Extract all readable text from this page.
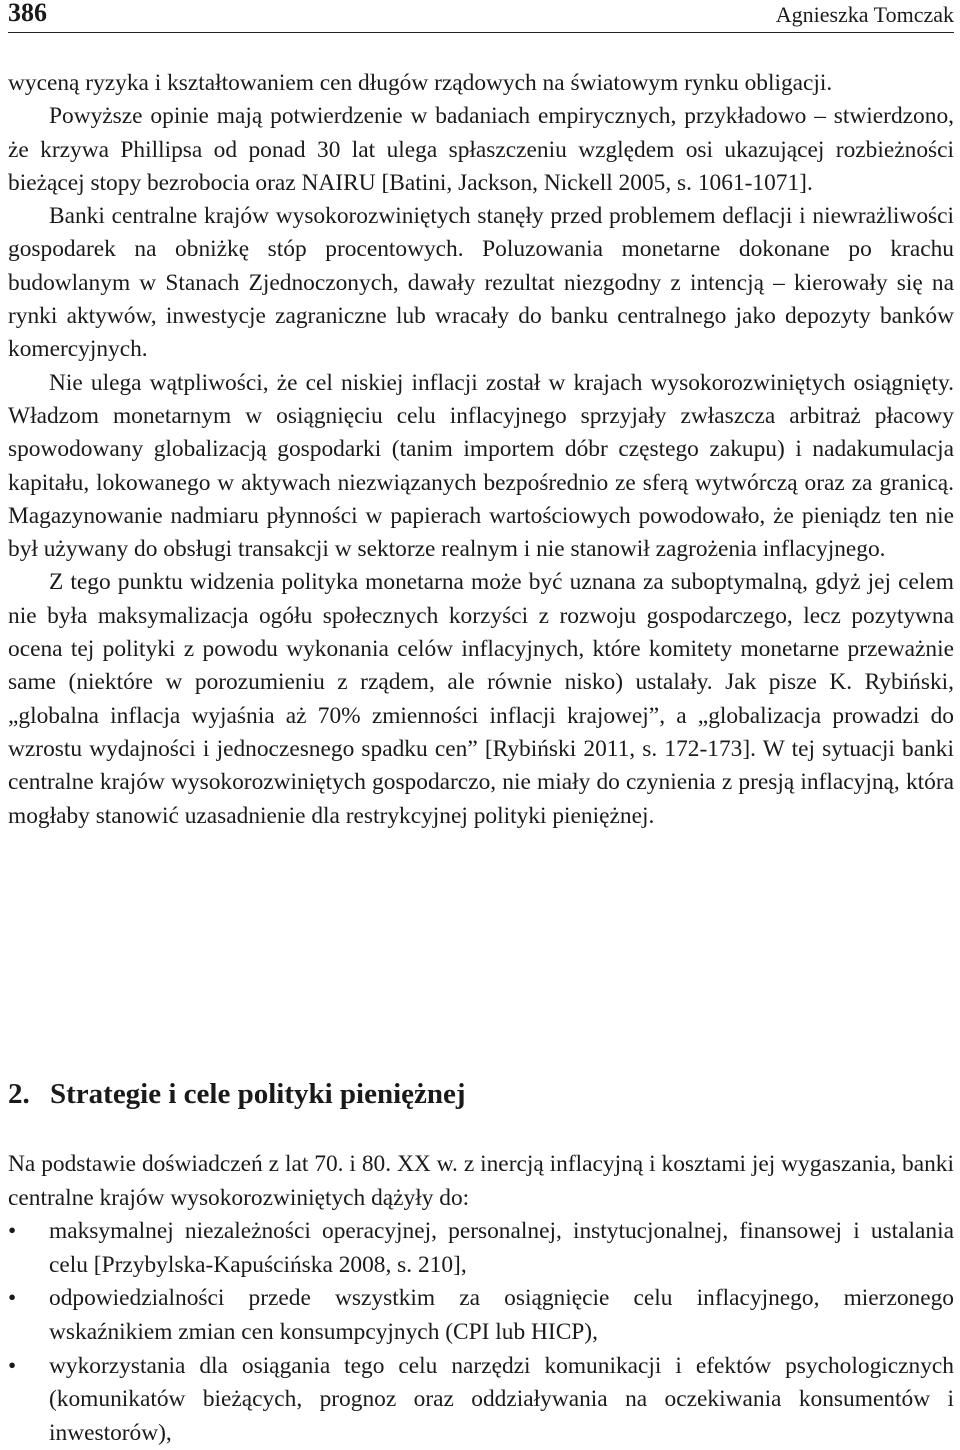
386	Agnieszka Tomczak

wyceną ryzyka i kształtowaniem cen długów rządowych na światowym rynku obligacji.

Powyższe opinie mają potwierdzenie w badaniach empirycznych, przykładowo – stwierdzono, że krzywa Phillipsa od ponad 30 lat ulega spłaszczeniu względem osi ukazującej rozbieżności bieżącej stopy bezrobocia oraz NAIRU [Batini, Jackson, Nickell 2005, s. 1061-1071].

Banki centralne krajów wysokorozwiniętych stanęły przed problemem deflacji i niewrażliwości gospodarek na obniżkę stóp procentowych. Poluzowania monetarne dokonane po krachu budowlanym w Stanach Zjednoczonych, dawały rezultat niezgodny z intencją – kierowały się na rynki aktywów, inwestycje zagraniczne lub wracały do banku centralnego jako depozyty banków komercyjnych.

Nie ulega wątpliwości, że cel niskiej inflacji został w krajach wysokorozwiniętych osiągnięty. Władzom monetarnym w osiągnięciu celu inflacyjnego sprzyjały zwłaszcza arbitraż płacowy spowodowany globalizacją gospodarki (tanim importem dóbr częstego zakupu) i nadakumulacja kapitału, lokowanego w aktywach niezwiązanych bezpośrednio ze sferą wytwórczą oraz za granicą. Magazynowanie nadmiaru płynności w papierach wartościowych powodowało, że pieniądz ten nie był używany do obsługi transakcji w sektorze realnym i nie stanowił zagrożenia inflacyjnego.

Z tego punktu widzenia polityka monetarna może być uznana za suboptymalną, gdyż jej celem nie była maksymalizacja ogółu społecznych korzyści z rozwoju gospodarczego, lecz pozytywna ocena tej polityki z powodu wykonania celów inflacyjnych, które komitety monetarne przeważnie same (niektóre w porozumieniu z rządem, ale równie nisko) ustalały. Jak pisze K. Rybiński, „globalna inflacja wyjaśnia aż 70% zmienności inflacji krajowej”, a „globalizacja prowadzi do wzrostu wydajności i jednoczesnego spadku cen” [Rybiński 2011, s. 172-173]. W tej sytuacji banki centralne krajów wysokorozwiniętych gospodarczo, nie miały do czynienia z presją inflacyjną, która mogłaby stanowić uzasadnienie dla restrykcyjnej polityki pieniężnej.

2. Strategie i cele polityki pieniężnej

Na podstawie doświadczeń z lat 70. i 80. XX w. z inercją inflacyjną i kosztami jej wygaszania, banki centralne krajów wysokorozwiniętych dążyły do:

•	maksymalnej niezależności operacyjnej, personalnej, instytucjonalnej, finansowej i ustalania celu [Przybylska-Kapuścińska 2008, s. 210],
•	odpowiedzialności przede wszystkim za osiągnięcie celu inflacyjnego, mierzonego wskaźnikiem zmian cen konsumpcyjnych (CPI lub HICP),
•	wykorzystania dla osiągania tego celu narzędzi komunikacji i efektów psychologicznych (komunikatów bieżących, prognoz oraz oddziaływania na oczekiwania konsumentów i inwestorów),
